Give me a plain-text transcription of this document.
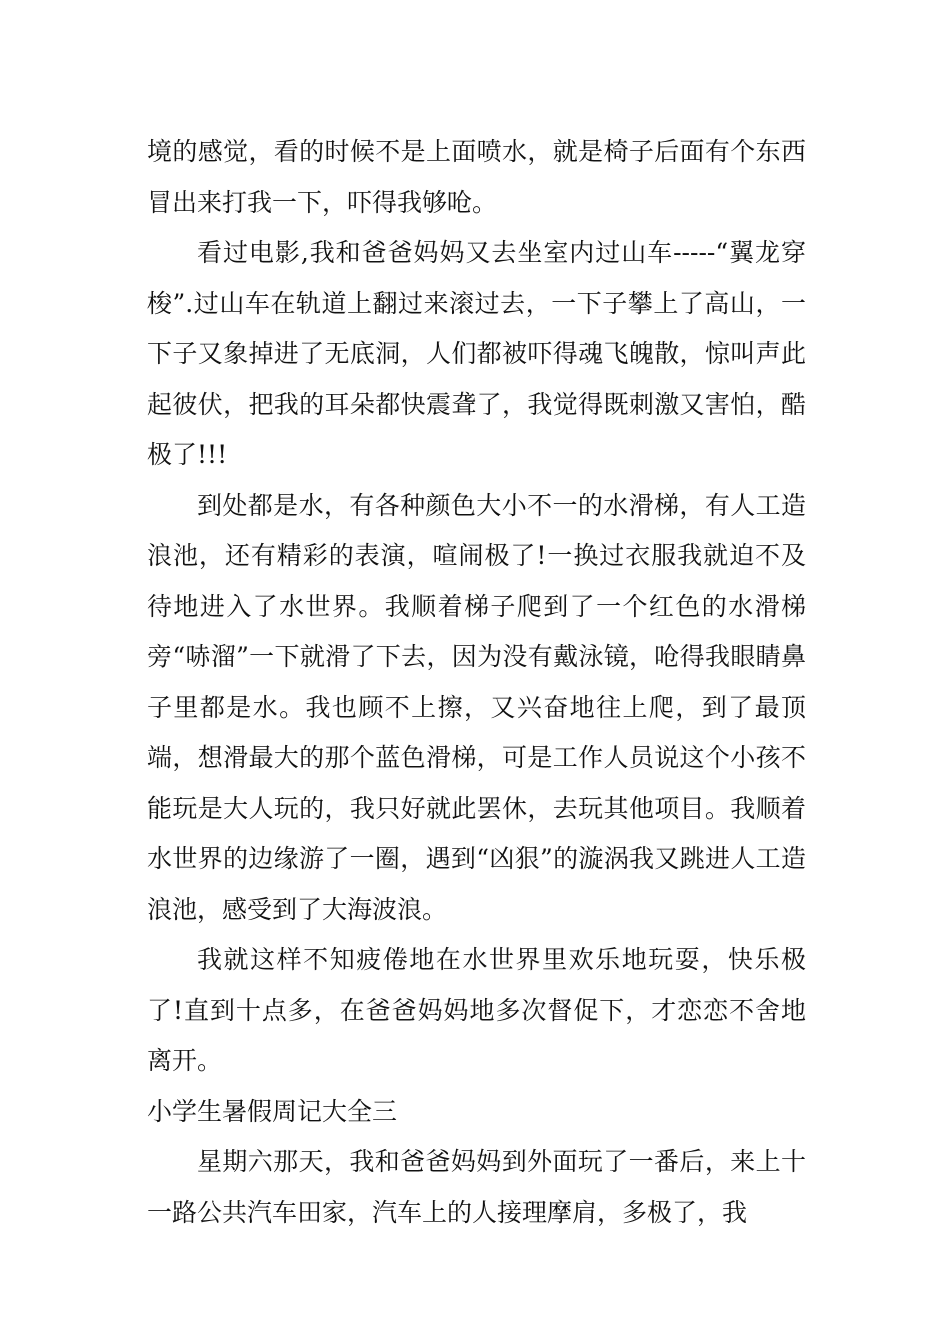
境的感觉，看的时候不是上面喷水，就是椅子后面有个东西冒出来打我一下，吓得我够呛。

看过电影,我和爸爸妈妈又去坐室内过山车-----“翼龙穿梭”.过山车在轨道上翻过来滚过去，一下子攀上了高山，一下子又象掉进了无底洞，人们都被吓得魂飞魄散，惊叫声此起彼伏，把我的耳朵都快震聋了，我觉得既刺激又害怕，酷极了!!!

到处都是水，有各种颜色大小不一的水滑梯，有人工造浪池，还有精彩的表演，喧闹极了!一换过衣服我就迫不及待地进入了水世界。我顺着梯子爬到了一个红色的水滑梯旁“哧溜”一下就滑了下去，因为没有戴泳镜，呛得我眼睛鼻子里都是水。我也顾不上擦，又兴奋地往上爬，到了最顶端，想滑最大的那个蓝色滑梯，可是工作人员说这个小孩不能玩是大人玩的，我只好就此罢休，去玩其他项目。我顺着水世界的边缘游了一圈，遇到“凶狠”的漩涡我又跳进人工造浪池，感受到了大海波浪。

我就这样不知疲倦地在水世界里欢乐地玩耍，快乐极了!直到十点多，在爸爸妈妈地多次督促下，才恋恋不舍地离开。

小学生暑假周记大全三

星期六那天，我和爸爸妈妈到外面玩了一番后，来上十一路公共汽车田家，汽车上的人接理摩肩，多极了，我
